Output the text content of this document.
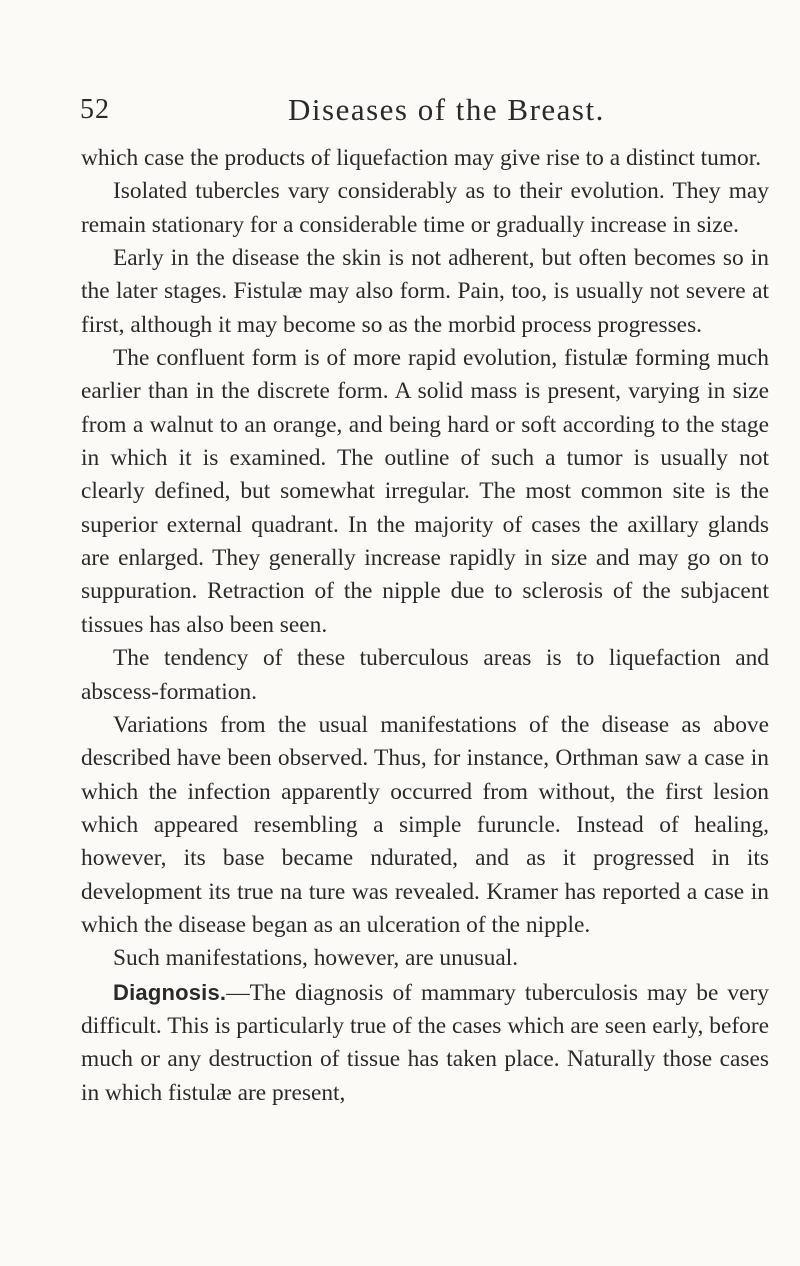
52	Diseases of the Breast.

which case the products of liquefaction may give rise to a distinct tumor.

Isolated tubercles vary considerably as to their evolution. They may remain stationary for a considerable time or gradually increase in size.

Early in the disease the skin is not adherent, but often becomes so in the later stages. Fistulæ may also form. Pain, too, is usually not severe at first, although it may become so as the morbid process progresses.

The confluent form is of more rapid evolution, fistulæ forming much earlier than in the discrete form. A solid mass is present, varying in size from a walnut to an orange, and being hard or soft according to the stage in which it is examined. The outline of such a tumor is usually not clearly defined, but somewhat irregular. The most common site is the superior external quadrant. In the majority of cases the axillary glands are enlarged. They generally increase rapidly in size and may go on to suppuration. Retraction of the nipple due to sclerosis of the subjacent tissues has also been seen.

The tendency of these tuberculous areas is to liquefaction and abscess-formation.

Variations from the usual manifestations of the disease as above described have been observed. Thus, for instance, Orthman saw a case in which the infection apparently occurred from without, the first lesion which appeared resembling a simple furuncle. Instead of healing, however, its base became ndurated, and as it progressed in its development its true na ture was revealed. Kramer has reported a case in which the disease began as an ulceration of the nipple.

Such manifestations, however, are unusual.

Diagnosis.—The diagnosis of mammary tuberculosis may be very difficult. This is particularly true of the cases which are seen early, before much or any destruction of tissue has taken place. Naturally those cases in which fistulæ are present,
